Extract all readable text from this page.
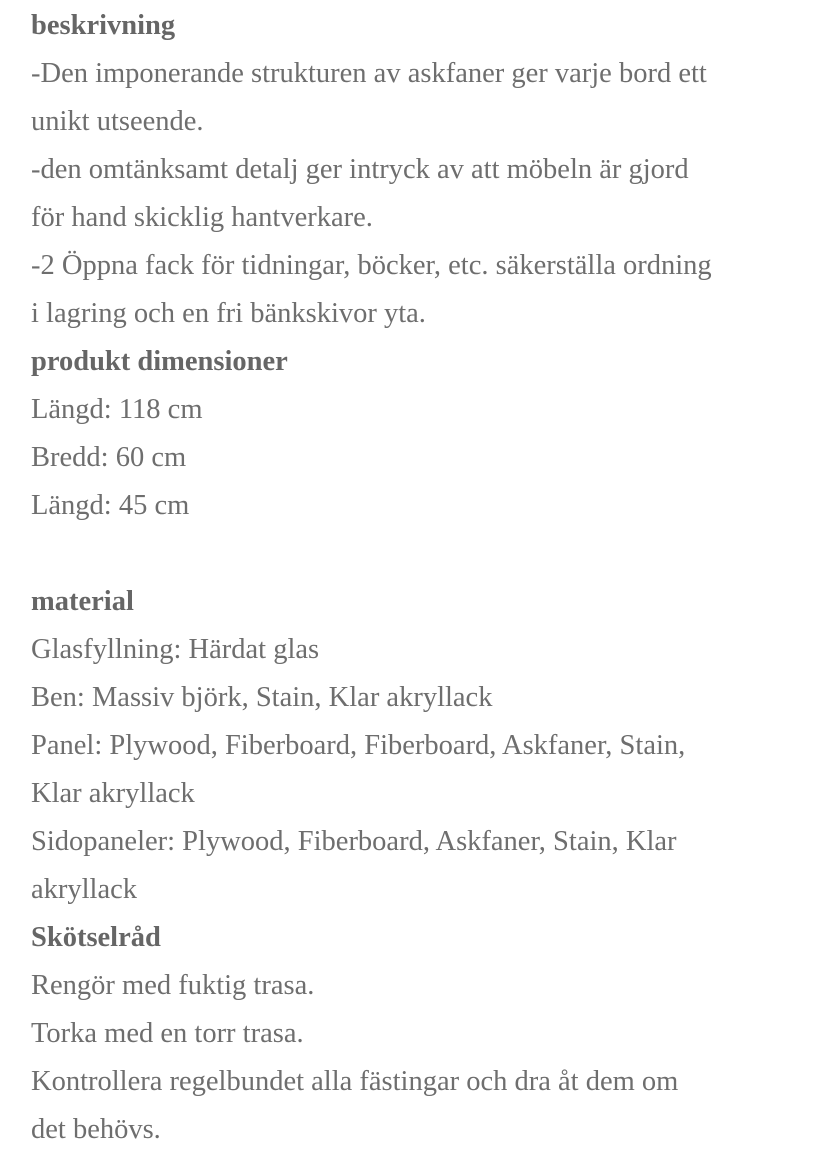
beskrivning
-Den imponerande strukturen av askfaner ger varje bord ett
unikt utseende.
-den omtänksamt detalj ger intryck av att möbeln är gjord
för hand skicklig hantverkare.
-2 Öppna fack för tidningar, böcker, etc. säkerställa ordning
i lagring och en fri bänkskivor yta.
produkt dimensioner
Längd: 118 cm
Bredd: 60 cm
Längd: 45 cm
material
Glasfyllning: Härdat glas
Ben: Massiv björk, Stain, Klar akryllack
Panel: Plywood, Fiberboard, Fiberboard, Askfaner, Stain,
Klar akryllack
Sidopaneler: Plywood, Fiberboard, Askfaner, Stain, Klar
akryllack
Skötselråd
Rengör med fuktig trasa.
Torka med en torr trasa.
Kontrollera regelbundet alla fästingar och dra åt dem om
det behövs.
